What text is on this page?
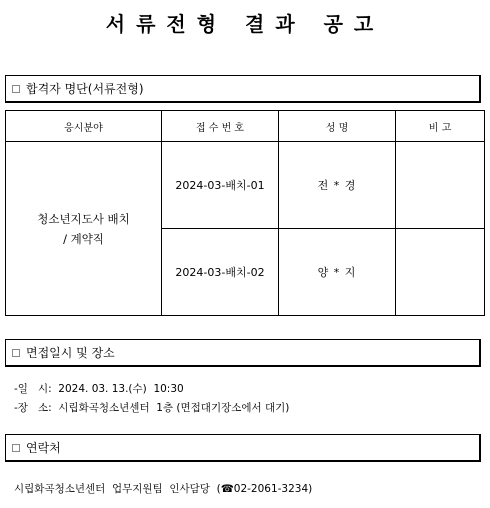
서류전형 결과 공고
합격자 명단(서류전형)
응시분야	접 수 번 호	성 명	비 고
청소년지도사 배치
/ 계약직	2024-03-배치-01	전 * 경	
	2024-03-배치-02	양 * 지	
면접일시 및 장소
-일   시:  2024. 03. 13.(수)  10:30
-장   소:  시립화곡청소년센터  1층 (면접대기장소에서 대기)
연락처
시립화곡청소년센터  업무지원팀  인사담당  (☎02-2061-3234)
